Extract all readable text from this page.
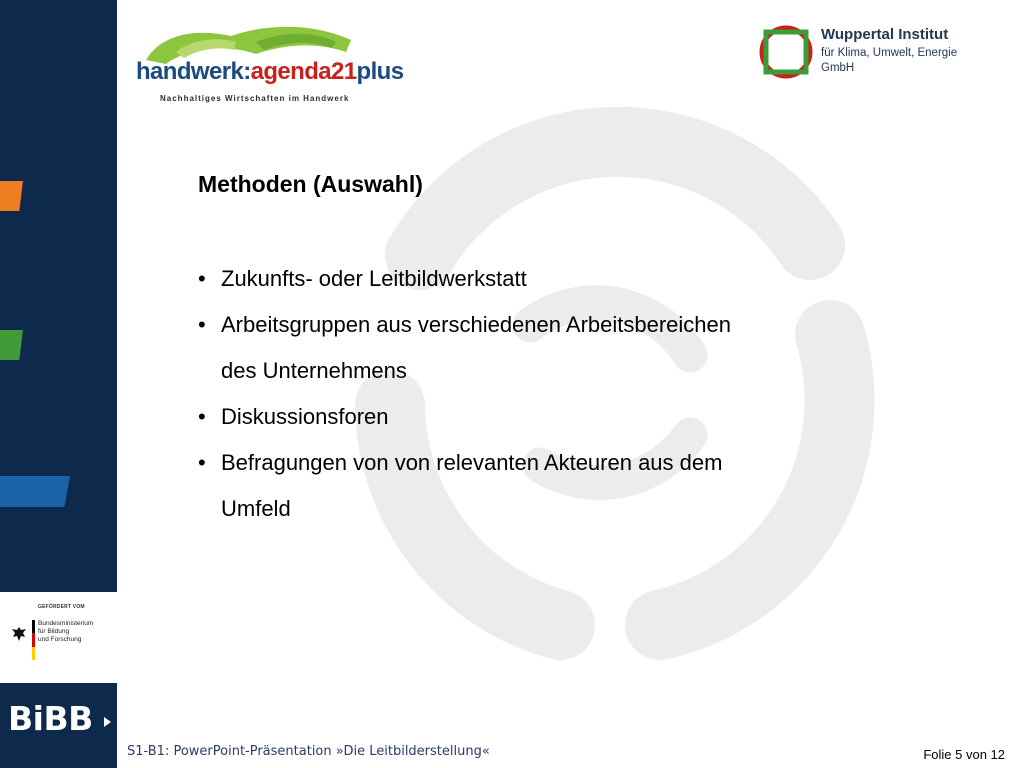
GEFÖRDERT VOM
Bundesministerium
für Bildung
und Forschung
BiBB
handwerk:agenda21plus
Nachhaltiges Wirtschaften im Handwerk
Wuppertal Institut
für Klima, Umwelt, Energie
GmbH
Methoden (Auswahl)
• Zukunfts- oder Leitbildwerkstatt
• Arbeitsgruppen aus verschiedenen Arbeitsbereichen
des Unternehmens
• Diskussionsforen
• Befragungen von von relevanten Akteuren aus dem
Umfeld
S1-B1: PowerPoint-Präsentation »Die Leitbilderstellung«	Folie 5 von 12
